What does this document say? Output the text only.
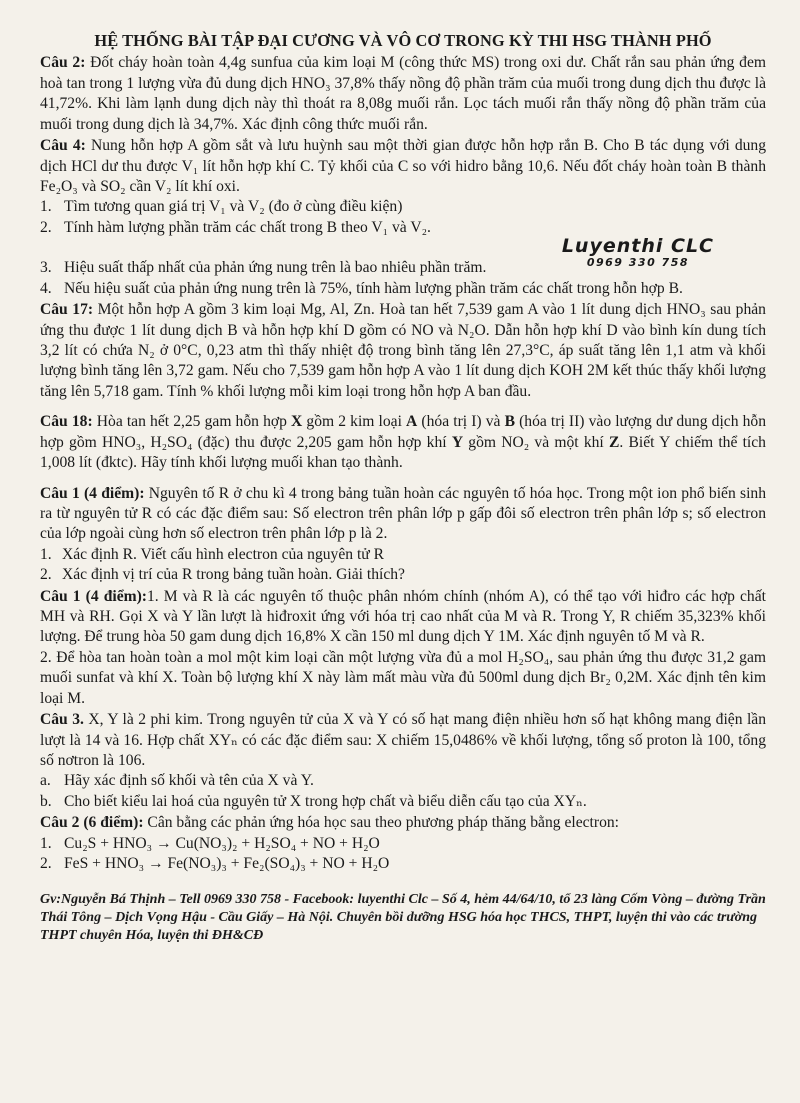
HỆ THỐNG BÀI TẬP ĐẠI CƯƠNG VÀ VÔ CƠ TRONG KỲ THI HSG THÀNH PHỐ

Câu 2: Đốt cháy hoàn toàn 4,4g sunfua của kim loại M (công thức MS) trong oxi dư. Chất rắn sau phản ứng đem hoà tan trong 1 lượng vừa đủ dung dịch HNO₃ 37,8% thấy nồng độ phần trăm của muối trong dung dịch thu được là 41,72%. Khi làm lạnh dung dịch này thì thoát ra 8,08g muối rắn. Lọc tách muối rắn thấy nồng độ phần trăm của muối trong dung dịch là 34,7%. Xác định công thức muối rắn.

Câu 4: Nung hỗn hợp A gồm sắt và lưu huỳnh sau một thời gian được hỗn hợp rắn B. Cho B tác dụng với dung dịch HCl dư thu được V₁ lít hỗn hợp khí C. Tỷ khối của C so với hidro bằng 10,6. Nếu đốt cháy hoàn toàn B thành Fe₂O₃ và SO₂ cần V₂ lít khí oxi.

1. Tìm tương quan giá trị V₁ và V₂ (đo ở cùng điều kiện)
2. Tính hàm lượng phần trăm các chất trong B theo V₁ và V₂.
Luyenthi CLC
0969 330 758
3. Hiệu suất thấp nhất của phản ứng nung trên là bao nhiêu phần trăm.
4. Nếu hiệu suất của phản ứng nung trên là 75%, tính hàm lượng phần trăm các chất trong hỗn hợp B.

Câu 17: Một hỗn hợp A gồm 3 kim loại Mg, Al, Zn. Hoà tan hết 7,539 gam A vào 1 lít dung dịch HNO₃ sau phản ứng thu được 1 lít dung dịch B và hỗn hợp khí D gồm có NO và N₂O. Dẫn hỗn hợp khí D vào bình kín dung tích 3,2 lít có chứa N₂ ở 0°C, 0,23 atm thì thấy nhiệt độ trong bình tăng lên 27,3°C, áp suất tăng lên 1,1 atm và khối lượng bình tăng lên 3,72 gam. Nếu cho 7,539 gam hỗn hợp A vào 1 lít dung dịch KOH 2M kết thúc thấy khối lượng tăng lên 5,718 gam. Tính % khối lượng mỗi kim loại trong hỗn hợp A ban đầu.

Câu 18: Hòa tan hết 2,25 gam hỗn hợp X gồm 2 kim loại A (hóa trị I) và B (hóa trị II) vào lượng dư dung dịch hỗn hợp gồm HNO₃, H₂SO₄ (đặc) thu được 2,205 gam hỗn hợp khí Y gồm NO₂ và một khí Z. Biết Y chiếm thể tích 1,008 lít (đktc). Hãy tính khối lượng muối khan tạo thành.

Câu 1 (4 điểm): Nguyên tố R ở chu kì 4 trong bảng tuần hoàn các nguyên tố hóa học. Trong một ion phổ biến sinh ra từ nguyên tử R có các đặc điểm sau: Số electron trên phân lớp p gấp đôi số electron trên phân lớp s; số electron của lớp ngoài cùng hơn số electron trên phân lớp p là 2.

1. Xác định R. Viết cấu hình electron của nguyên tử R
2. Xác định vị trí của R trong bảng tuần hoàn. Giải thích?

Câu 1 (4 điểm):1. M và R là các nguyên tố thuộc phân nhóm chính (nhóm A), có thể tạo với hiđro các hợp chất MH và RH. Gọi X và Y lần lượt là hiđroxit ứng với hóa trị cao nhất của M và R. Trong Y, R chiếm 35,323% khối lượng. Để trung hòa 50 gam dung dịch 16,8% X cần 150 ml dung dịch Y 1M. Xác định nguyên tố M và R.

2. Để hòa tan hoàn toàn a mol một kim loại cần một lượng vừa đủ a mol H₂SO₄, sau phản ứng thu được 31,2 gam muối sunfat và khí X. Toàn bộ lượng khí X này làm mất màu vừa đủ 500ml dung dịch Br₂ 0,2M. Xác định tên kim loại M.

Câu 3. X, Y là 2 phi kim. Trong nguyên tử của X và Y có số hạt mang điện nhiều hơn số hạt không mang điện lần lượt là 14 và 16. Hợp chất XYₙ có các đặc điểm sau: X chiếm 15,0486% về khối lượng, tổng số proton là 100, tổng số nơtron là 106.

a. Hãy xác định số khối và tên của X và Y.
b. Cho biết kiểu lai hoá của nguyên tử X trong hợp chất và biểu diễn cấu tạo của XYₙ.

Câu 2 (6 điểm): Cân bằng các phản ứng hóa học sau theo phương pháp thăng bằng electron:

1. Cu₂S + HNO₃ → Cu(NO₃)₂ + H₂SO₄ + NO + H₂O
2. FeS + HNO₃ → Fe(NO₃)₃ + Fe₂(SO₄)₃ + NO + H₂O
Gv:Nguyễn Bá Thịnh – Tell 0969 330 758 - Facebook: luyenthi Clc – Số 4, hẻm 44/64/10, tổ 23 làng Cốm Vòng – đường Trần Thái Tông – Dịch Vọng Hậu - Cầu Giấy – Hà Nội. Chuyên bồi dưỡng HSG hóa học THCS, THPT, luyện thi vào các trường THPT chuyên Hóa, luyện thi ĐH&CĐ
